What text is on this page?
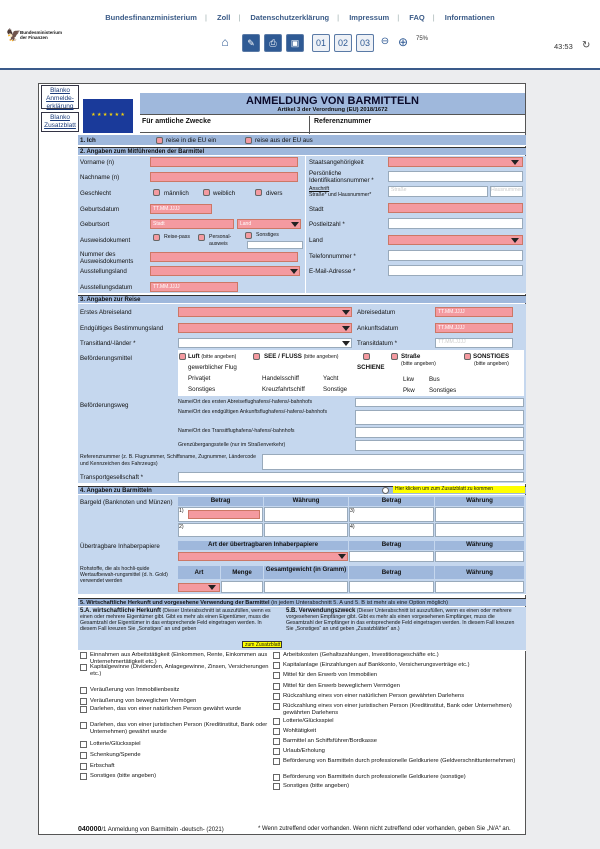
Bundesfinanzministerium | Zoll | Datenschutzerklärung | Impressum | FAQ | Informationen
🦅 Bundesministerium der Finanzen	⌂	✎	⎙	▣	01	02	03	⊖ ⊕	75%
43:53 ↻
Blanko Anmelde-erklärung
Blanko Zusatzblatt

★ ★ ★ ★ ★ ★
ANMELDUNG VON BARMITTELN
Artikel 3 der Verordnung (EU) 2018/1672
Für amtliche Zwecke	Referenznummer
1. Ich	reise in die EU ein	reise aus der EU aus
2. Angaben zum Mitführenden der Barmittel
Vorname (n)
Nachname (n)
Geschlecht	männlich	weiblich	divers
Geburtsdatum	TT.MM.JJJJ
Geburtsort	Stadt	Land
Ausweisdokument	Reise-pass	Personal-ausweis
Sonstiges
Nummer des Ausweisdokuments
Ausstellungsland
Ausstellungsdatum	TT.MM.JJJJ
Staatsangehörigkeit
Persönliche Identifikationsnummer *
Anschrift
Straße* und Hausnummer*
Straße	Hausnummer
Stadt
Postleitzahl *
Land
Telefonnummer *
E-Mail-Adresse *
3. Angaben zur Reise
Erstes Abreiseland
Endgültiges Bestimmungsland
Transitland/-länder *
Abreisedatum	TT.MM.JJJJ
Ankunftsdatum	TT.MM.JJJJ
Transitdatum *	TT.MM.JJJJ
Beförderungsmittel	Luft (bitte angeben)
gewerblicher Flug
Privatjet
Sonstiges
SEE / FLUSS (bitte angeben)
Handelsschiff	Yacht
Kreuzfahrtschiff	Sonstige
SCHIENE
Straße
(bitte angeben)
Lkw Bus
Pkw Sonstiges
SONSTIGES
(bitte angeben)
Beförderungsweg	Name/Ort des ersten Abreiseflughafens/-hafens/-bahnhofs
Name/Ort des endgültigen Ankunftsflughafens/-hafens/-bahnhofs
Name/Ort des Transitflughafens/-hafens/-bahnhofs
Grenzübergangsstelle (nur im Straßenverkehr)
Referenznummer (z. B. Flugnummer, Schiffsname, Zugnummer, Ländercode und Kennzeichen des Fahrzeugs)
Transportgesellschaft *
4. Angaben zu Barmitteln	Hier klicken um zum Zusatzblatt zu kommen
Bargeld (Banknoten und Münzen)	Betrag	Währung	Betrag	Währung
1)	3)
2)	4)
Übertragbare Inhaberpapiere	Art der übertragbaren Inhaberpapiere	Betrag	Währung
Rohstoffe, die als hochli-quide Wertaufbewah-rungsmittel (d. h. Gold) verwendet werden
Art	Menge	Gesamtgewicht (in Gramm)	Betrag	Währung
5. Wirtschaftliche Herkunft und vorgesehene Verwendung der Barmittel (in jedem Unterabschnitt 5. A und 5. B ist mehr als eine Option möglich)
5.A. wirtschaftliche Herkunft (Dieser Unterabschnitt ist auszufüllen, wenn es einen oder mehrere Eigentümer gibt. Gibt es mehr als einen Eigentümer, muss die Gesamtzahl der Eigentümer in das entsprechende Feld eingetragen werden. In diesem Fall kreuzen Sie „Sonstiges“ an und geben
zum Zusatzblatt
5.B. Verwendungszweck (Dieser Unterabschnitt ist auszufüllen, wenn es einen oder mehrere vorgesehenen Empfänger gibt. Gibt es mehr als einen vorgesehenen Empfänger, muss die Gesamtzahl der Empfänger in das entsprechende Feld eingetragen werden. In diesem Fall kreuzen Sie „Sonstiges“ an und geben „Zusatzblätter“ an.)
Einnahmen aus Arbeitstätigkeit (Einkommen, Rente, Einkommen aus Unternehmertätigkeit etc.)
Kapitalgewinne (Dividenden, Anlagegewinne, Zinsen, Versicherungen etc.)
Veräußerung von Immobilienbesitz
Veräußerung von beweglichen Vermögen
Darlehen, das von einer natürlichen Person gewährt wurde
Darlehen, das von einer juristischen Person (Kreditinstitut, Bank oder Unternehmen) gewährt wurde
Lotterie/Glücksspiel
Schenkung/Spende
Erbschaft
Sonstiges (bitte angeben)
Arbeitskosten (Gehaltszahlungen, Investitionsgeschäfte etc.)
Kapitalanlage (Einzahlungen auf Bankkonto, Versicherungsverträge etc.)
Mittel für den Erwerb von Immobilien
Mittel für den Erwerb beweglichem Vermögen
Rückzahlung eines von einer natürlichen Person gewährten Darlehens
Rückzahlung eines von einer juristischen Person (Kreditinstitut, Bank oder Unternehmen) gewährten Darlehens
Lotterie/Glücksspiel
Wohltätigkeit
Barmittel an Schiffsführer/Bordkasse
Urlaub/Erholung
Beförderung von Barmitteln durch professionelle Geldkuriere (Geldverschnittunternehmen)
Beförderung von Barmitteln durch professionelle Geldkuriere (sonstige)
Sonstiges (bitte angeben)
040000/1 Anmeldung von Barmitteln -deutsch- (2021)	* Wenn zutreffend oder vorhanden. Wenn nicht zutreffend oder vorhanden, geben Sie „N/A“ an.
